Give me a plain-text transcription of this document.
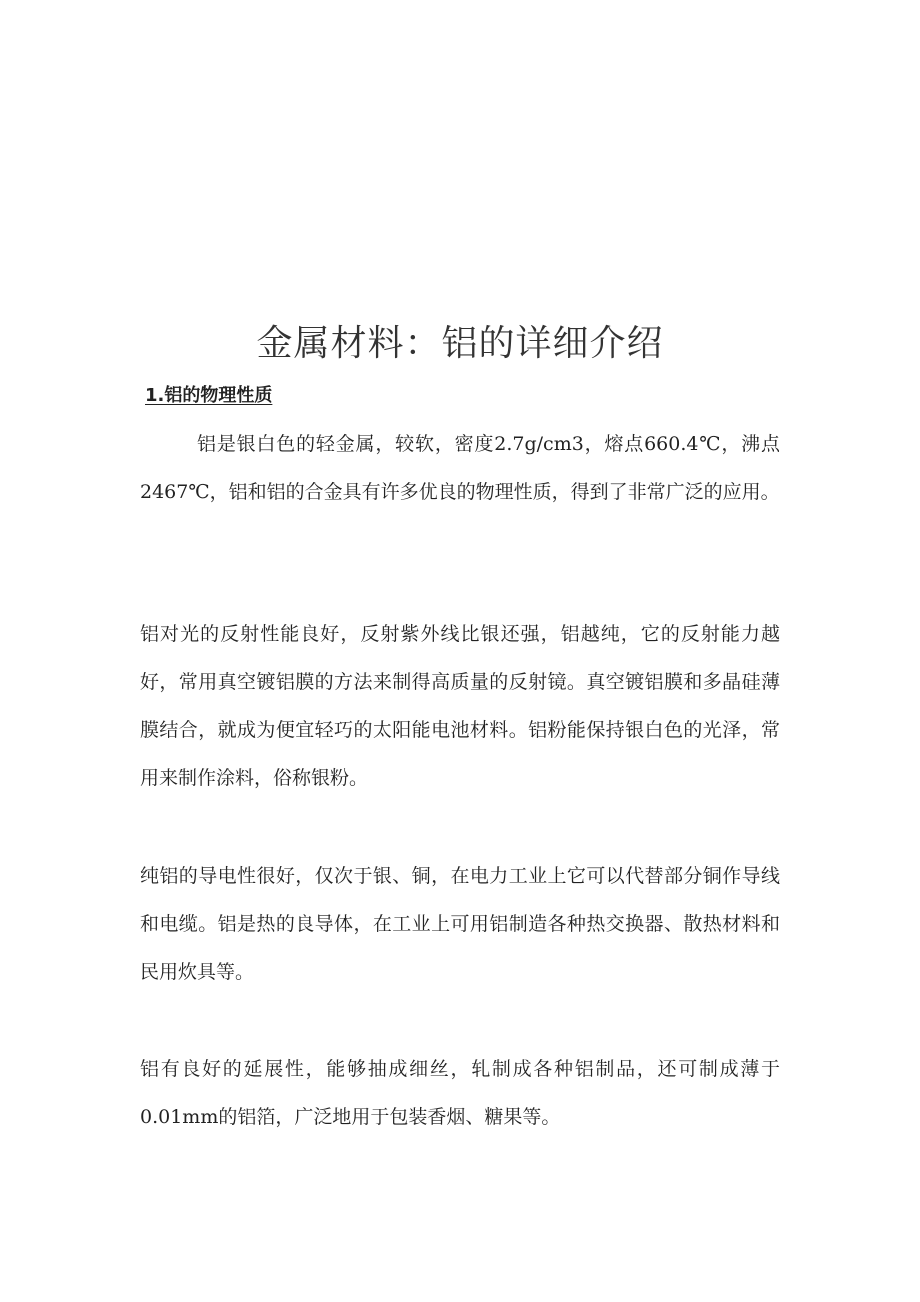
金属材料：铝的详细介绍
1.铝的物理性质

铝是银白色的轻金属，较软，密度2.7g/cm3，熔点660.4℃，沸点2467℃，铝和铝的合金具有许多优良的物理性质，得到了非常广泛的应用。

铝对光的反射性能良好，反射紫外线比银还强，铝越纯，它的反射能力越好，常用真空镀铝膜的方法来制得高质量的反射镜。真空镀铝膜和多晶硅薄膜结合，就成为便宜轻巧的太阳能电池材料。铝粉能保持银白色的光泽，常用来制作涂料，俗称银粉。

纯铝的导电性很好，仅次于银、铜，在电力工业上它可以代替部分铜作导线和电缆。铝是热的良导体，在工业上可用铝制造各种热交换器、散热材料和民用炊具等。

铝有良好的延展性，能够抽成细丝，轧制成各种铝制品，还可制成薄于0.01mm的铝箔，广泛地用于包装香烟、糖果等。
